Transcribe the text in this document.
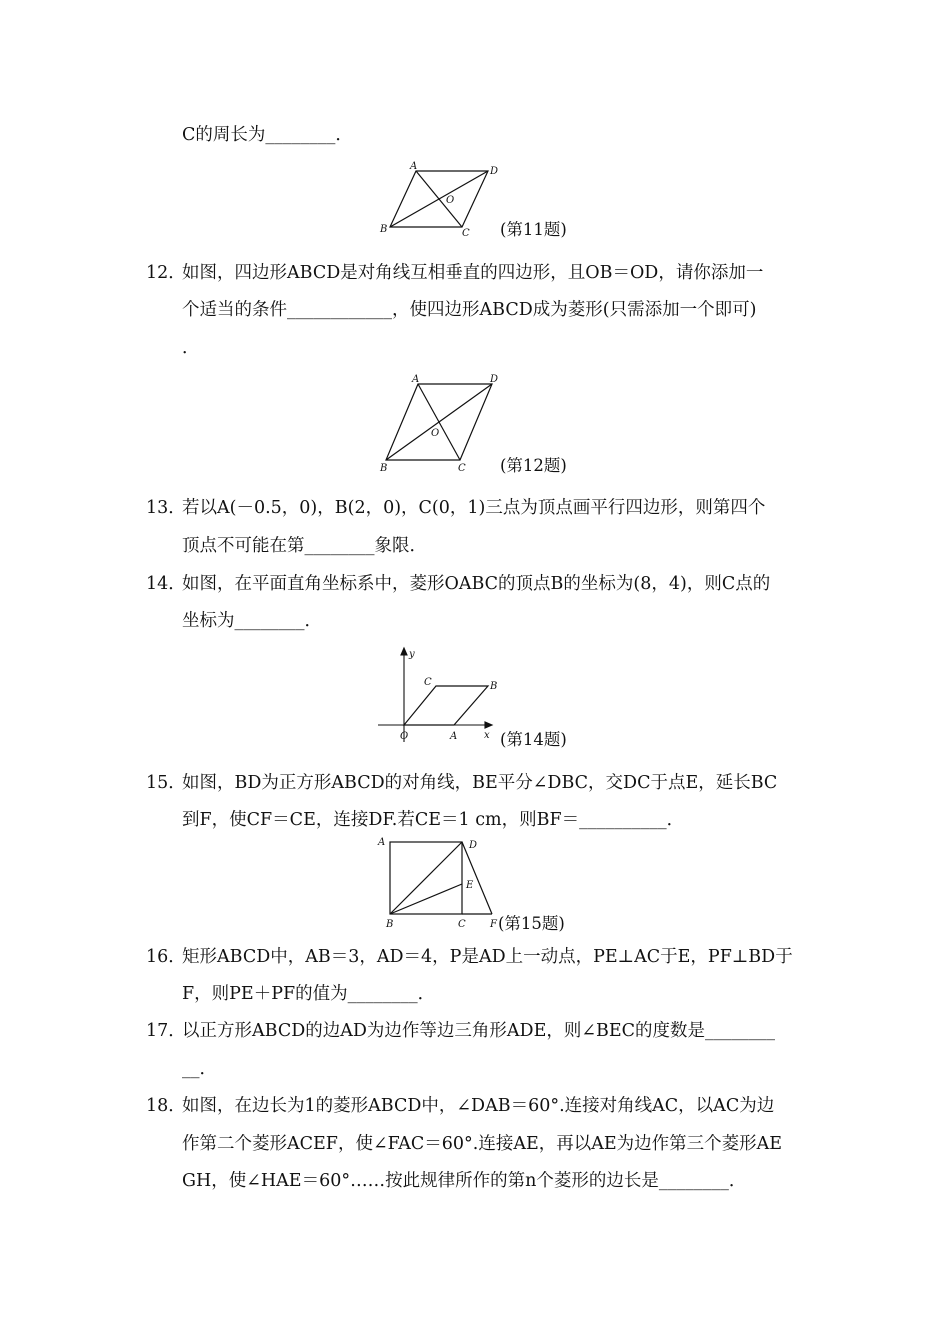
C的周长为________．
A	D
B	C
O
(第11题)
12．
如图，四边形ABCD是对角线互相垂直的四边形，且OB＝OD，请你添加一
个适当的条件____________，使四边形ABCD成为菱形(只需添加一个即可)
．
A	D
B	C
O
(第12题)
13．
若以A(－0.5，0)，B(2，0)，C(0，1)三点为顶点画平行四边形，则第四个
顶点不可能在第________象限．
14．
如图，在平面直角坐标系中，菱形OABC的顶点B的坐标为(8，4)，则C点的
坐标为________．
y
x
O	A
B
C
(第14题)
15．
如图，BD为正方形ABCD的对角线，BE平分∠DBC，交DC于点E，延长BC
到F，使CF＝CE，连接DF.若CE＝1 cm，则BF＝__________．
A	D
E
B	C F (第15题)
16．
矩形ABCD中，AB＝3，AD＝4，P是AD上一动点，PE⊥AC于E，PF⊥BD于
F，则PE＋PF的值为________．
17．
以正方形ABCD的边AD为边作等边三角形ADE，则∠BEC的度数是________
__．
18．
如图，在边长为1的菱形ABCD中，∠DAB＝60°.连接对角线AC，以AC为边
作第二个菱形ACEF，使∠FAC＝60°.连接AE，再以AE为边作第三个菱形AE
GH，使∠HAE＝60°……按此规律所作的第n个菱形的边长是________．
